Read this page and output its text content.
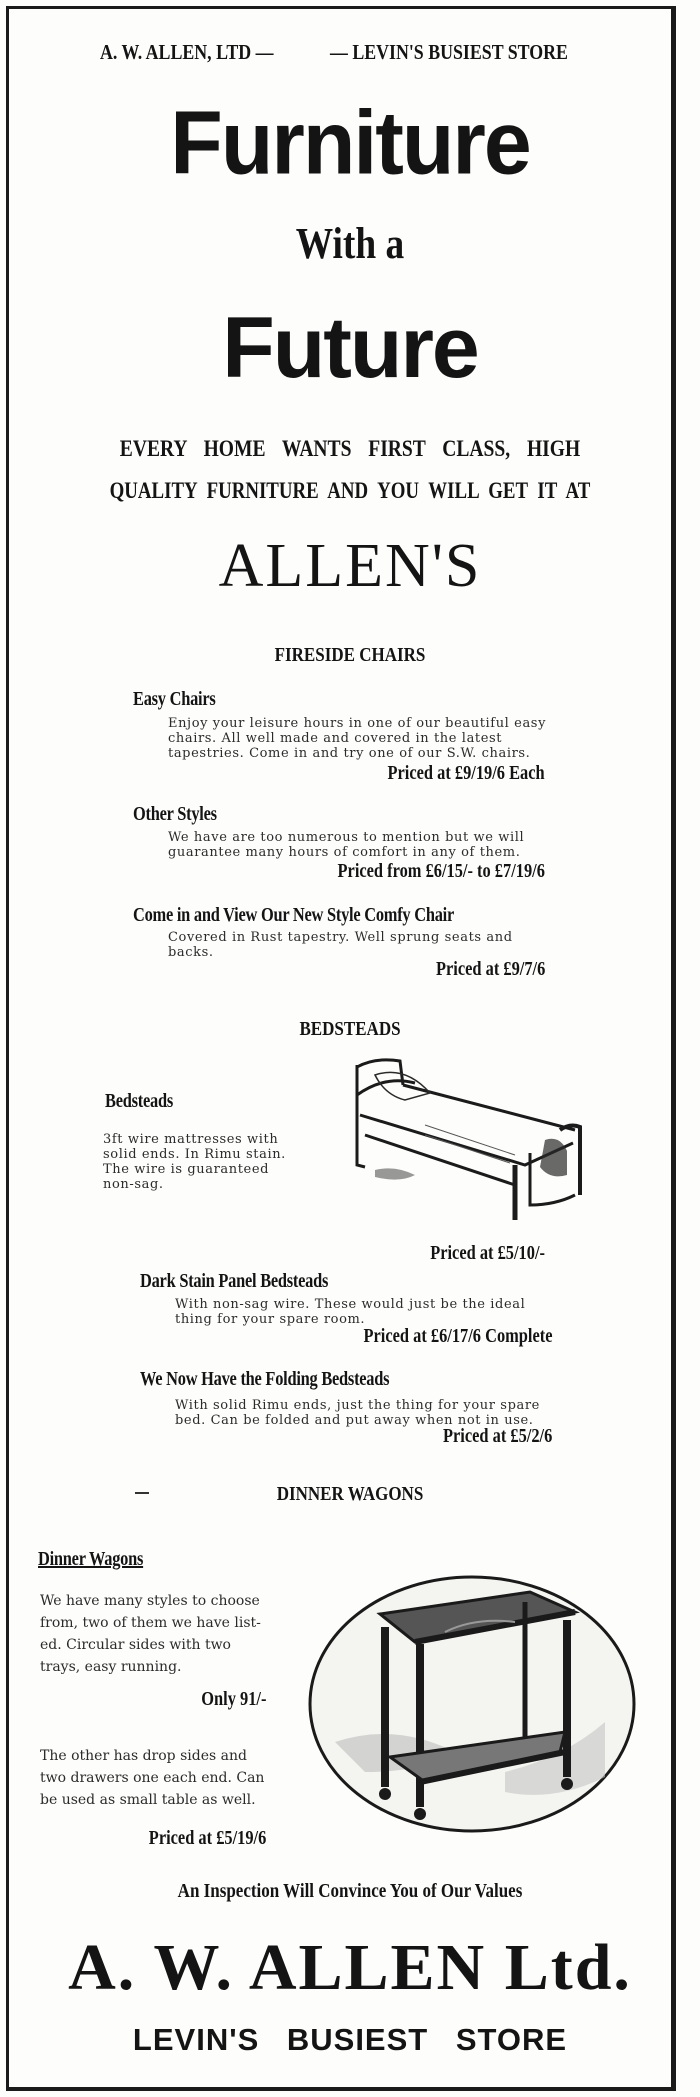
A. W. ALLEN, LTD —	— LEVIN'S BUSIEST STORE
Furniture
With a
Future
EVERY HOME WANTS FIRST CLASS, HIGH
QUALITY FURNITURE AND YOU WILL GET IT AT
ALLEN'S
FIRESIDE CHAIRS
Easy Chairs
Enjoy your leisure hours in one of our beautiful easy
chairs. All well made and covered in the latest
tapestries. Come in and try one of our S.W. chairs.
Priced at £9/19/6 Each
Other Styles
We have are too numerous to mention but we will
guarantee many hours of comfort in any of them.
Priced from £6/15/- to £7/19/6
Come in and View Our New Style Comfy Chair
Covered in Rust tapestry. Well sprung seats and
backs.
Priced at £9/7/6
BEDSTEADS
Bedsteads
3ft wire mattresses with
solid ends. In Rimu stain.
The wire is guaranteed
non-sag.
Priced at £5/10/-
Dark Stain Panel Bedsteads
With non-sag wire. These would just be the ideal
thing for your spare room.
Priced at £6/17/6 Complete
We Now Have the Folding Bedsteads
With solid Rimu ends, just the thing for your spare
bed. Can be folded and put away when not in use.
Priced at £5/2/6
DINNER WAGONS
Dinner Wagons
We have many styles to choose
from, two of them we have list-
ed. Circular sides with two
trays, easy running.
Only 91/-
The other has drop sides and
two drawers one each end. Can
be used as small table as well.
Priced at £5/19/6
An Inspection Will Convince You of Our Values
A. W. ALLEN Ltd.
LEVIN'S BUSIEST STORE
